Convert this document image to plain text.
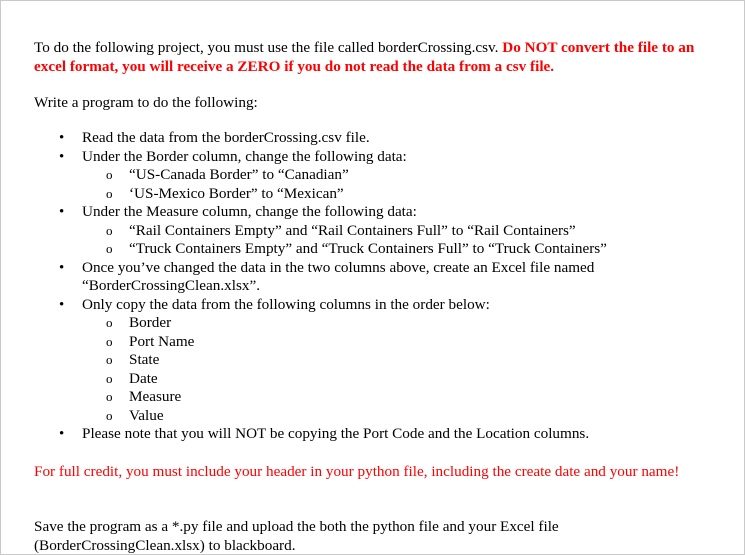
To do the following project, you must use the file called borderCrossing.csv. Do NOT convert the file to an excel format, you will receive a ZERO if you do not read the data from a csv file.

Write a program to do the following:

• Read the data from the borderCrossing.csv file.
• Under the Border column, change the following data:
o “US-Canada Border” to “Canadian”
o ‘US-Mexico Border” to “Mexican”
• Under the Measure column, change the following data:
o “Rail Containers Empty” and “Rail Containers Full” to “Rail Containers”
o “Truck Containers Empty” and “Truck Containers Full” to “Truck Containers”
• Once you’ve changed the data in the two columns above, create an Excel file named “BorderCrossingClean.xlsx”.
• Only copy the data from the following columns in the order below:
o Border
o Port Name
o State
o Date
o Measure
o Value
• Please note that you will NOT be copying the Port Code and the Location columns.

For full credit, you must include your header in your python file, including the create date and your name!

Save the program as a *.py file and upload the both the python file and your Excel file (BorderCrossingClean.xlsx) to blackboard.
